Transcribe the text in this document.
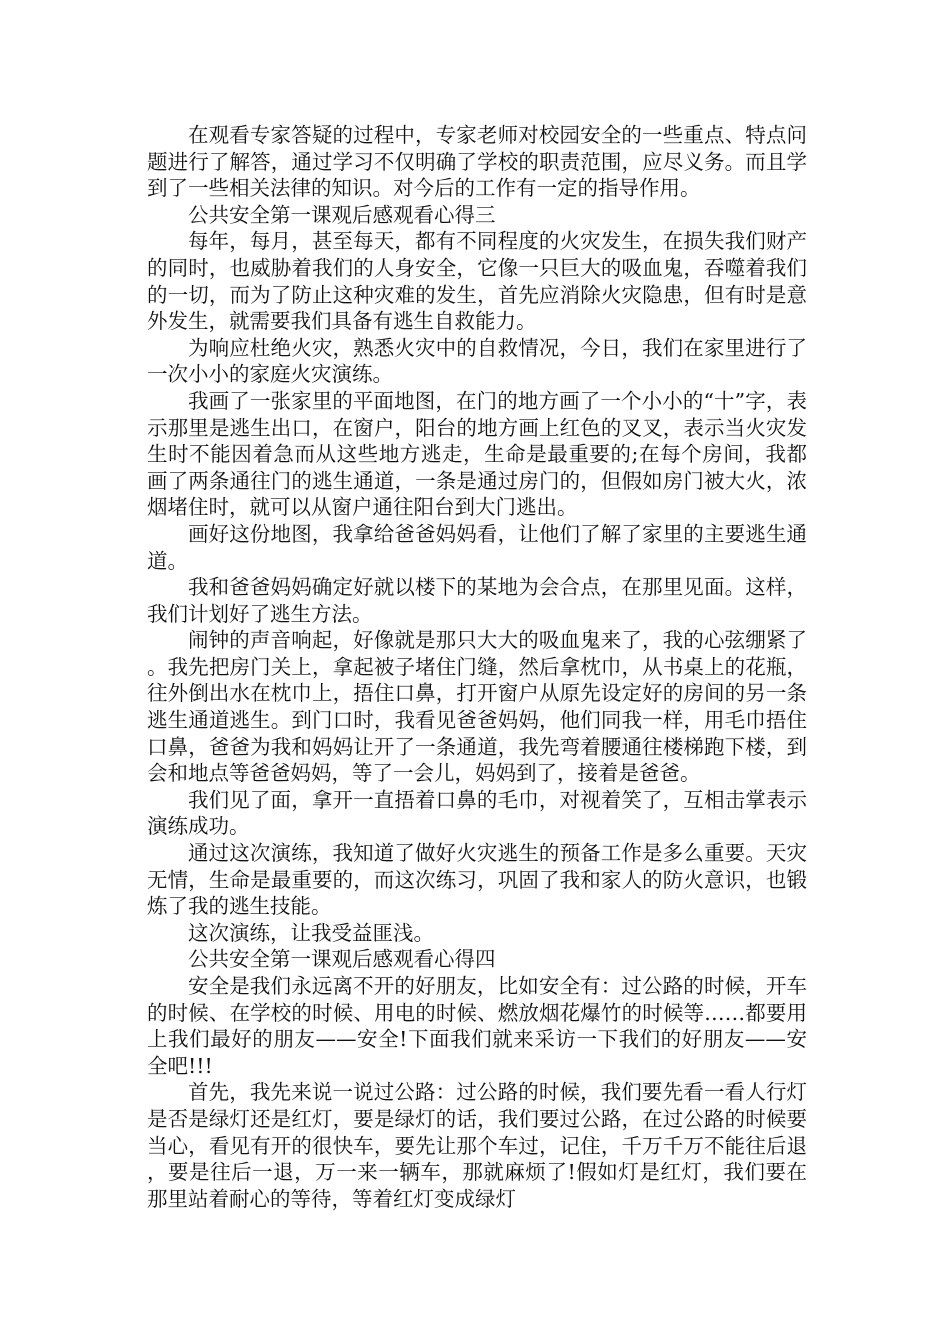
在观看专家答疑的过程中，专家老师对校园安全的一些重点、特点问题进行了解答，通过学习不仅明确了学校的职责范围，应尽义务。而且学到了一些相关法律的知识。对今后的工作有一定的指导作用。

公共安全第一课观后感观看心得三

每年，每月，甚至每天，都有不同程度的火灾发生，在损失我们财产的同时，也威胁着我们的人身安全，它像一只巨大的吸血鬼，吞噬着我们的一切，而为了防止这种灾难的发生，首先应消除火灾隐患，但有时是意外发生，就需要我们具备有逃生自救能力。

为响应杜绝火灾，熟悉火灾中的自救情况，今日，我们在家里进行了一次小小的家庭火灾演练。

我画了一张家里的平面地图，在门的地方画了一个小小的“十”字，表示那里是逃生出口，在窗户，阳台的地方画上红色的叉叉，表示当火灾发生时不能因着急而从这些地方逃走，生命是最重要的;在每个房间，我都画了两条通往门的逃生通道，一条是通过房门的，但假如房门被大火，浓烟堵住时，就可以从窗户通往阳台到大门逃出。

画好这份地图，我拿给爸爸妈妈看，让他们了解了家里的主要逃生通道。

我和爸爸妈妈确定好就以楼下的某地为会合点，在那里见面。这样，我们计划好了逃生方法。

闹钟的声音响起，好像就是那只大大的吸血鬼来了，我的心弦绷紧了。我先把房门关上，拿起被子堵住门缝，然后拿枕巾，从书桌上的花瓶，往外倒出水在枕巾上，捂住口鼻，打开窗户从原先设定好的房间的另一条逃生通道逃生。到门口时，我看见爸爸妈妈，他们同我一样，用毛巾捂住口鼻，爸爸为我和妈妈让开了一条通道，我先弯着腰通往楼梯跑下楼，到会和地点等爸爸妈妈，等了一会儿，妈妈到了，接着是爸爸。

我们见了面，拿开一直捂着口鼻的毛巾，对视着笑了，互相击掌表示演练成功。

通过这次演练，我知道了做好火灾逃生的预备工作是多么重要。天灾无情，生命是最重要的，而这次练习，巩固了我和家人的防火意识，也锻炼了我的逃生技能。

这次演练，让我受益匪浅。

公共安全第一课观后感观看心得四

安全是我们永远离不开的好朋友，比如安全有：过公路的时候，开车的时候、在学校的时候、用电的时候、燃放烟花爆竹的时候等……都要用上我们最好的朋友——安全!下面我们就来采访一下我们的好朋友——安全吧!!!

首先，我先来说一说过公路：过公路的时候，我们要先看一看人行灯是否是绿灯还是红灯，要是绿灯的话，我们要过公路，在过公路的时候要当心，看见有开的很快车，要先让那个车过，记住，千万千万不能往后退，要是往后一退，万一来一辆车，那就麻烦了!假如灯是红灯，我们要在那里站着耐心的等待，等着红灯变成绿灯
